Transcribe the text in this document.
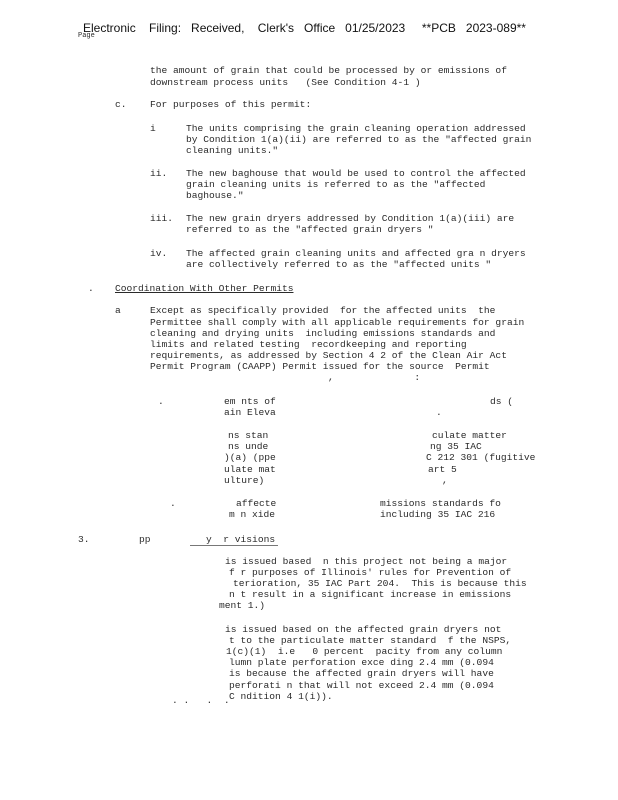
Electronic    Filing:   Received,    Clerk's   Office   01/25/2023     **PCB   2023-089**
Page
the amount of grain that could be processed by or emissions of
downstream process units   (See Condition 4-1 )
c. For purposes of this permit:
i	The units comprising the grain cleaning operation addressed
by Condition 1(a)(ii) are referred to as the "affected grain
cleaning units."
ii. The new baghouse that would be used to control the affected
grain cleaning units is referred to as the "affected
baghouse."
iii. The new grain dryers addressed by Condition 1(a)(iii) are
referred to as the "affected grain dryers "
iv. The affected grain cleaning units and affected gra n dryers
are collectively referred to as the "affected units "
. Coordination With Other Permits
a	Except as specifically provided  for the affected units  the
Permittee shall comply with all applicable requirements for grain
cleaning and drying units  including emissions standards and
limits and related testing  recordkeeping and reporting
requirements, as addressed by Section 4 2 of the Clean Air Act
Permit Program (CAAPP) Permit issued for the source  Permit
,              :
.	em nts of	ds (
ain Eleva	.
ns stan	culate matter
ns unde	ng 35 IAC
)(a) (ppe	C 212 301 (fugitive
ulate mat	art 5
ulture)	,
.	affecte	missions standards fo
m n xide	including 35 IAC 216
3.	pp	y  r visions
is issued based  n this project not being a major
f r purposes of Illinois' rules for Prevention of
terioration, 35 IAC Part 204.  This is because this
n t result in a significant increase in emissions
ment 1.)
is issued based on the affected grain dryers not
t to the particulate matter standard  f the NSPS,
1(c)(1)  i.e   0 percent  pacity from any column
lumn plate perforation exce ding 2.4 mm (0.094
is because the affected grain dryers will have
perforati n that will not exceed 2.4 mm (0.094
C ndition 4 1(i)).
. .   .  .
